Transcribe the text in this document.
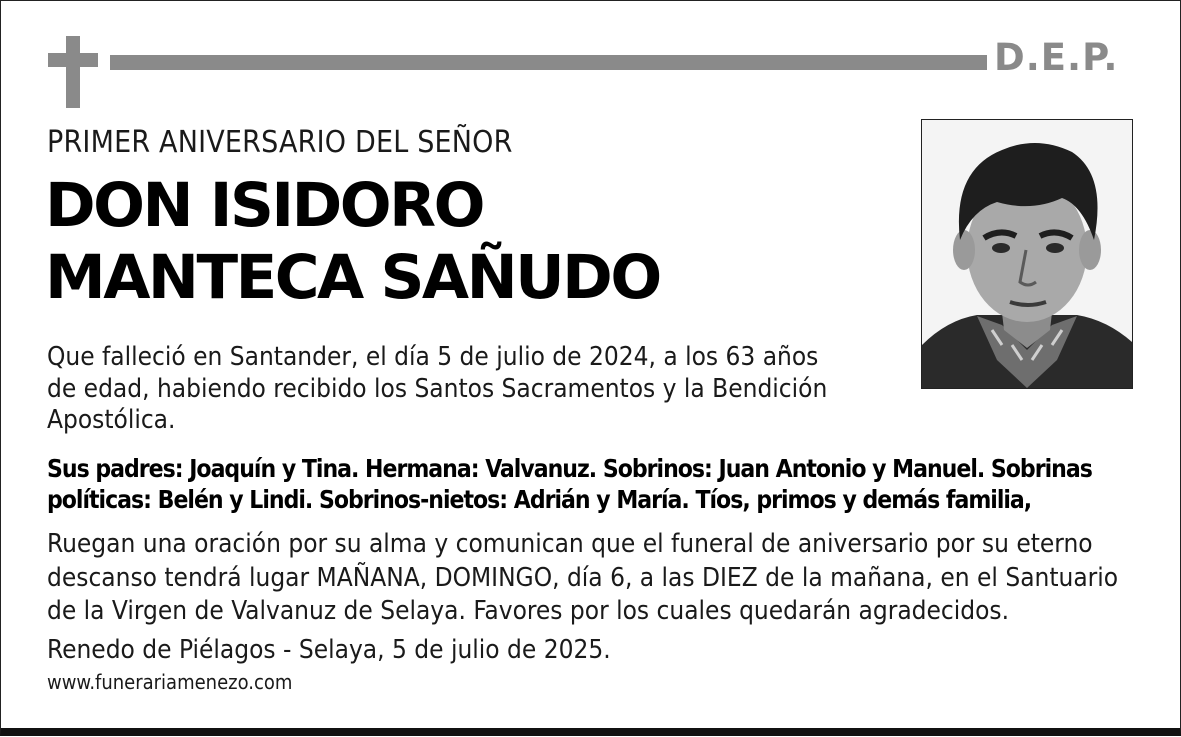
D.E.P.
PRIMER ANIVERSARIO DEL SEÑOR
DON ISIDORO
MANTECA SAÑUDO
Que falleció en Santander, el día 5 de julio de 2024, a los 63 años de edad, habiendo recibido los Santos Sacramentos y la Bendición Apostólica.
Sus padres: Joaquín y Tina. Hermana: Valvanuz. Sobrinos: Juan Antonio y Manuel. Sobrinas políticas: Belén y Lindi. Sobrinos-nietos: Adrián y María. Tíos, primos y demás familia,
Ruegan una oración por su alma y comunican que el funeral de aniversario por su eterno descanso tendrá lugar MAÑANA, DOMINGO, día 6, a las DIEZ de la mañana, en el Santuario de la Virgen de Valvanuz de Selaya. Favores por los cuales quedarán agradecidos.
Renedo de Piélagos - Selaya, 5 de julio de 2025.
www.funerariamenezo.com
